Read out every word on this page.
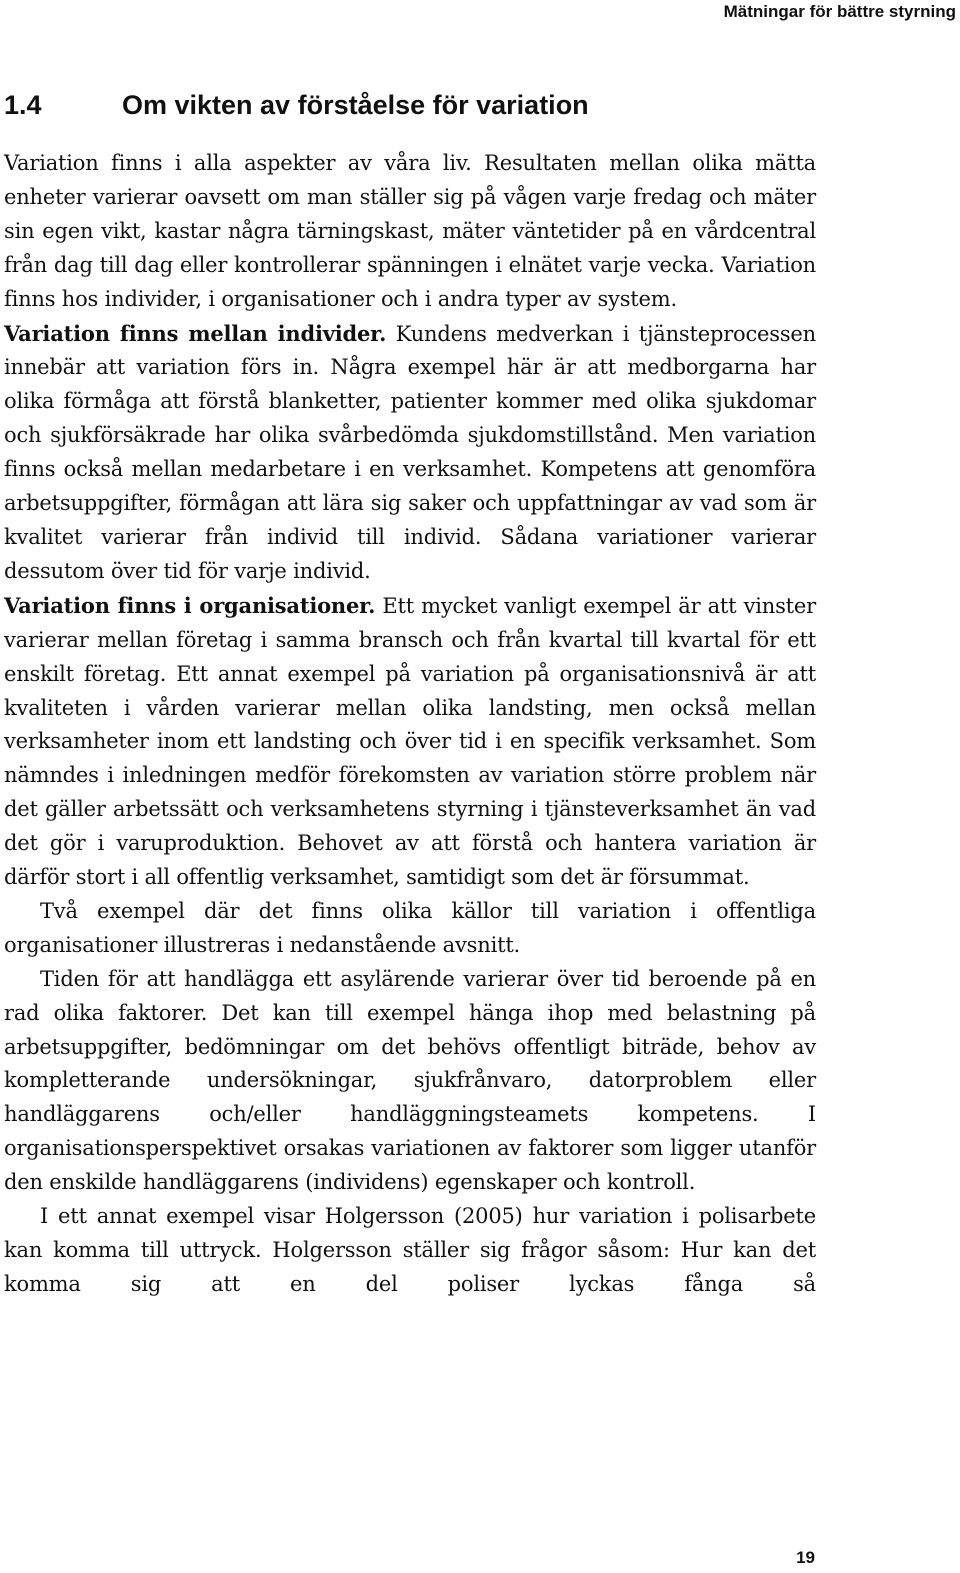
Mätningar för bättre styrning
1.4	Om vikten av förståelse för variation

Variation finns i alla aspekter av våra liv. Resultaten mellan olika mätta enheter varierar oavsett om man ställer sig på vågen varje fredag och mäter sin egen vikt, kastar några tärningskast, mäter väntetider på en vårdcentral från dag till dag eller kontrollerar spänningen i elnätet varje vecka. Variation finns hos individer, i organisationer och i andra typer av system.

Variation finns mellan individer. Kundens medverkan i tjänsteprocessen innebär att variation förs in. Några exempel här är att medborgarna har olika förmåga att förstå blanketter, patienter kommer med olika sjukdomar och sjukförsäkrade har olika svårbedömda sjukdomstillstånd. Men variation finns också mellan medarbetare i en verksamhet. Kompetens att genomföra arbetsuppgifter, förmågan att lära sig saker och uppfattningar av vad som är kvalitet varierar från individ till individ. Sådana variationer varierar dessutom över tid för varje individ.

Variation finns i organisationer. Ett mycket vanligt exempel är att vinster varierar mellan företag i samma bransch och från kvartal till kvartal för ett enskilt företag. Ett annat exempel på variation på organisationsnivå är att kvaliteten i vården varierar mellan olika landsting, men också mellan verksamheter inom ett landsting och över tid i en specifik verksamhet. Som nämndes i inledningen medför förekomsten av variation större problem när det gäller arbetssätt och verksamhetens styrning i tjänsteverksamhet än vad det gör i varuproduktion. Behovet av att förstå och hantera variation är därför stort i all offentlig verksamhet, samtidigt som det är försummat.

Två exempel där det finns olika källor till variation i offentliga organisationer illustreras i nedanstående avsnitt.

Tiden för att handlägga ett asylärende varierar över tid beroende på en rad olika faktorer. Det kan till exempel hänga ihop med belastning på arbetsuppgifter, bedömningar om det behövs offentligt biträde, behov av kompletterande undersökningar, sjukfrånvaro, datorproblem eller handläggarens och/eller handläggningsteamets kompetens. I organisationsperspektivet orsakas variationen av faktorer som ligger utanför den enskilde handläggarens (individens) egenskaper och kontroll.

I ett annat exempel visar Holgersson (2005) hur variation i polisarbete kan komma till uttryck. Holgersson ställer sig frågor såsom: Hur kan det komma sig att en del poliser lyckas fånga så

19
